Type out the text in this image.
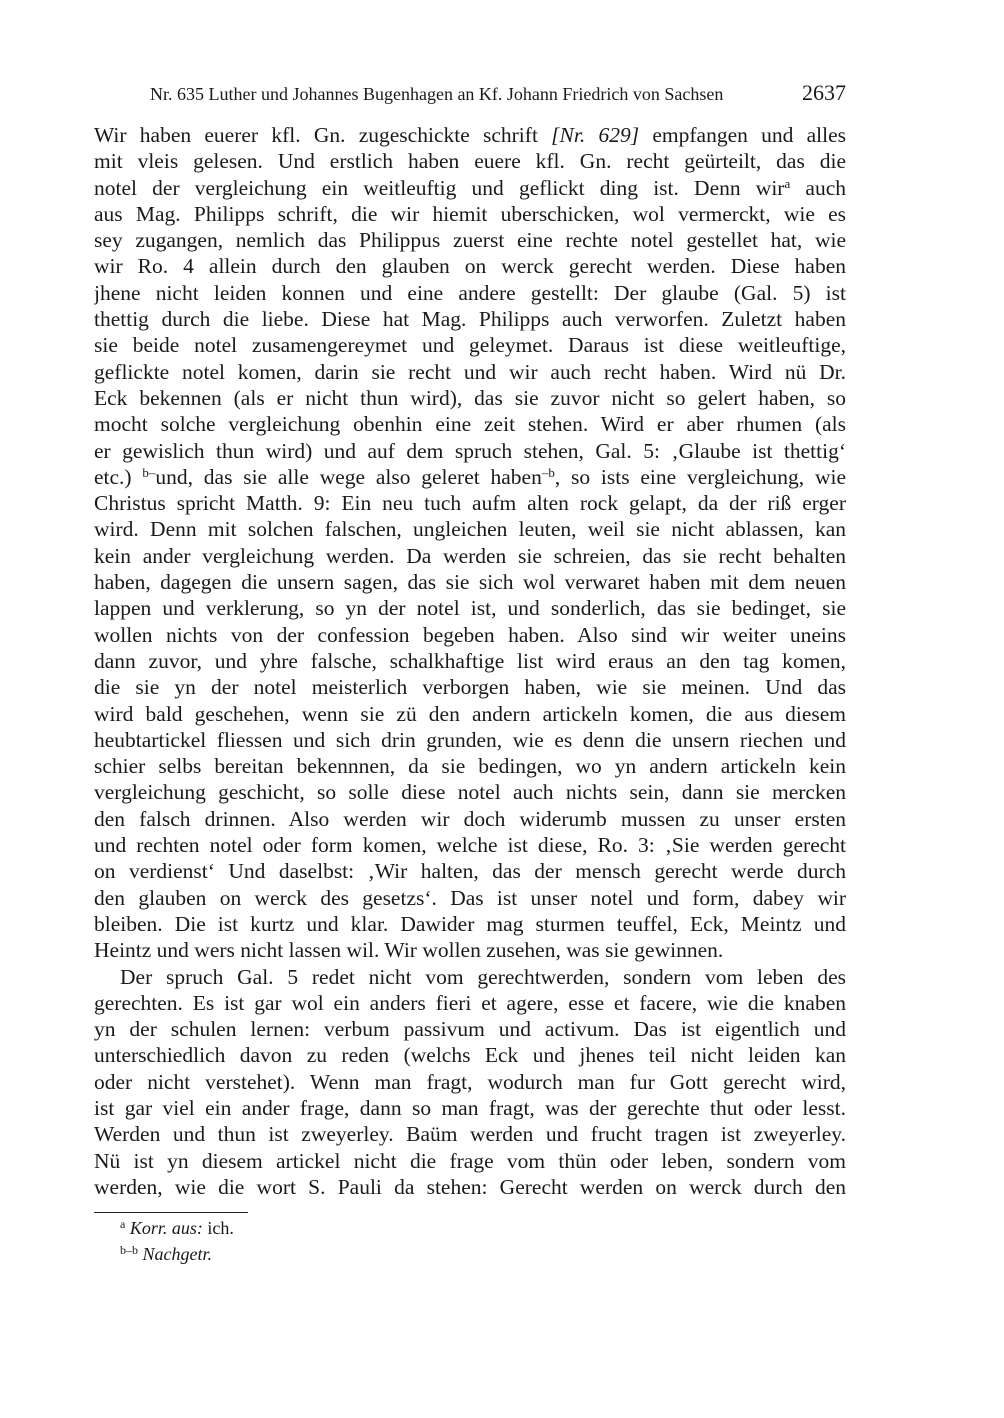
Nr. 635 Luther und Johannes Bugenhagen an Kf. Johann Friedrich von Sachsen	2637
Wir haben euerer kfl. Gn. zugeschickte schrift [Nr. 629] empfangen und alles
mit vleis gelesen. Und erstlich haben euere kfl. Gn. recht geürteilt, das die
notel der vergleichung ein weitleuftig und geflickt ding ist. Denn wir$^a$ auch
aus Mag. Philipps schrift, die wir hiemit uberschicken, wol vermerckt, wie es
sey zugangen, nemlich das Philippus zuerst eine rechte notel gestellet hat, wie
wir Ro. 4 allein durch den glauben on werck gerecht werden. Diese haben
jhene nicht leiden konnen und eine andere gestellt: Der glaube (Gal. 5) ist
thettig durch die liebe. Diese hat Mag. Philipps auch verworfen. Zuletzt haben
sie beide notel zusamengereymet und geleymet. Daraus ist diese weitleuftige,
geflickte notel komen, darin sie recht und wir auch recht haben. Wird nü Dr.
Eck bekennen (als er nicht thun wird), das sie zuvor nicht so gelert haben, so
mocht solche vergleichung obenhin eine zeit stehen. Wird er aber rhumen (als
er gewislich thun wird) und auf dem spruch stehen, Gal. 5: ‚Glaube ist thettig‘
etc.) $^{b-}$und, das sie alle wege also geleret haben$^{-b}$, so ists eine vergleichung, wie
Christus spricht Matth. 9: Ein neu tuch aufm alten rock gelapt, da der riß erger
wird. Denn mit solchen falschen, ungleichen leuten, weil sie nicht ablassen, kan
kein ander vergleichung werden. Da werden sie schreien, das sie recht behalten
haben, dagegen die unsern sagen, das sie sich wol verwaret haben mit dem neuen
lappen und verklerung, so yn der notel ist, und sonderlich, das sie bedinget, sie
wollen nichts von der confession begeben haben. Also sind wir weiter uneins
dann zuvor, und yhre falsche, schalkhaftige list wird eraus an den tag komen,
die sie yn der notel meisterlich verborgen haben, wie sie meinen. Und das
wird bald geschehen, wenn sie zü den andern artickeln komen, die aus diesem
heubtartickel fliessen und sich drin grunden, wie es denn die unsern riechen und
schier selbs bereitan bekennnen, da sie bedingen, wo yn andern artickeln kein
vergleichung geschicht, so solle diese notel auch nichts sein, dann sie mercken
den falsch drinnen. Also werden wir doch widerumb mussen zu unser ersten
und rechten notel oder form komen, welche ist diese, Ro. 3: ‚Sie werden gerecht
on verdienst‘ Und daselbst: ‚Wir halten, das der mensch gerecht werde durch
den glauben on werck des gesetzs‘. Das ist unser notel und form, dabey wir
bleiben. Die ist kurtz und klar. Dawider mag sturmen teuffel, Eck, Meintz und
Heintz und wers nicht lassen wil. Wir wollen zusehen, was sie gewinnen.
Der spruch Gal. 5 redet nicht vom gerechtwerden, sondern vom leben des
gerechten. Es ist gar wol ein anders fieri et agere, esse et facere, wie die knaben
yn der schulen lernen: verbum passivum und activum. Das ist eigentlich und
unterschiedlich davon zu reden (welchs Eck und jhenes teil nicht leiden kan
oder nicht verstehet). Wenn man fragt, wodurch man fur Gott gerecht wird,
ist gar viel ein ander frage, dann so man fragt, was der gerechte thut oder lesst.
Werden und thun ist zweyerley. Baüm werden und frucht tragen ist zweyerley.
Nü ist yn diesem artickel nicht die frage vom thün oder leben, sondern vom
werden, wie die wort S. Pauli da stehen: Gerecht werden on werck durch den
$^a$ Korr. aus: ich.
$^{b-b}$ Nachgetr.
